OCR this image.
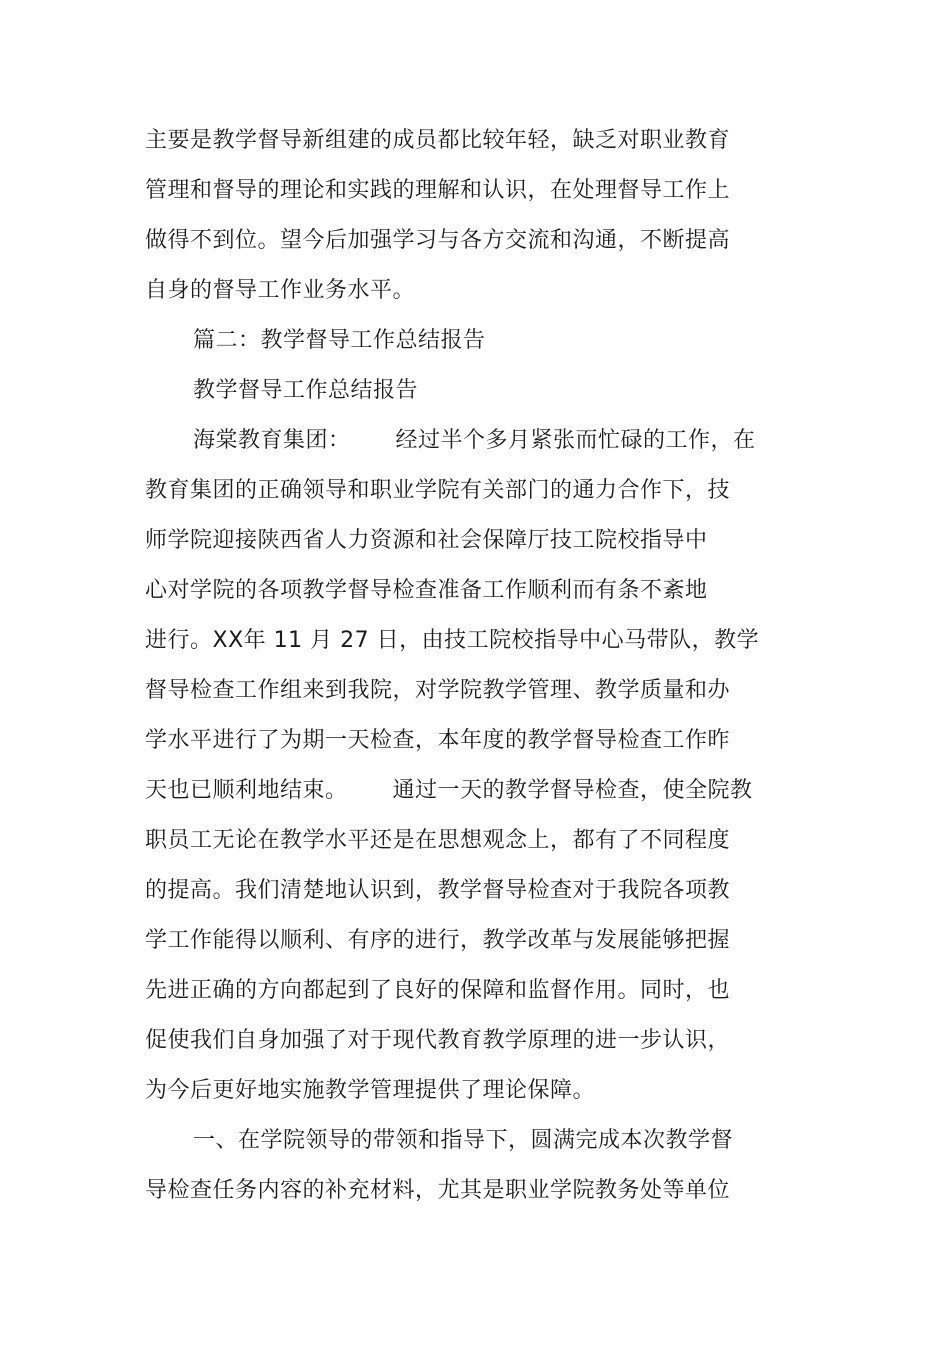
主要是教学督导新组建的成员都比较年轻，缺乏对职业教育
管理和督导的理论和实践的理解和认识，在处理督导工作上
做得不到位。望今后加强学习与各方交流和沟通，不断提高
自身的督导工作业务水平。
篇二：教学督导工作总结报告
教学督导工作总结报告
海棠教育集团：      经过半个多月紧张而忙碌的工作，在
教育集团的正确领导和职业学院有关部门的通力合作下，技
师学院迎接陕西省人力资源和社会保障厅技工院校指导中
心对学院的各项教学督导检查准备工作顺利而有条不紊地
进行。XX年 11 月 27 日，由技工院校指导中心马带队，教学
督导检查工作组来到我院，对学院教学管理、教学质量和办
学水平进行了为期一天检查，本年度的教学督导检查工作昨
天也已顺利地结束。      通过一天的教学督导检查，使全院教
职员工无论在教学水平还是在思想观念上，都有了不同程度
的提高。我们清楚地认识到，教学督导检查对于我院各项教
学工作能得以顺利、有序的进行，教学改革与发展能够把握
先进正确的方向都起到了良好的保障和监督作用。同时，也
促使我们自身加强了对于现代教育教学原理的进一步认识，
为今后更好地实施教学管理提供了理论保障。
一、在学院领导的带领和指导下，圆满完成本次教学督
导检查任务内容的补充材料，尤其是职业学院教务处等单位
